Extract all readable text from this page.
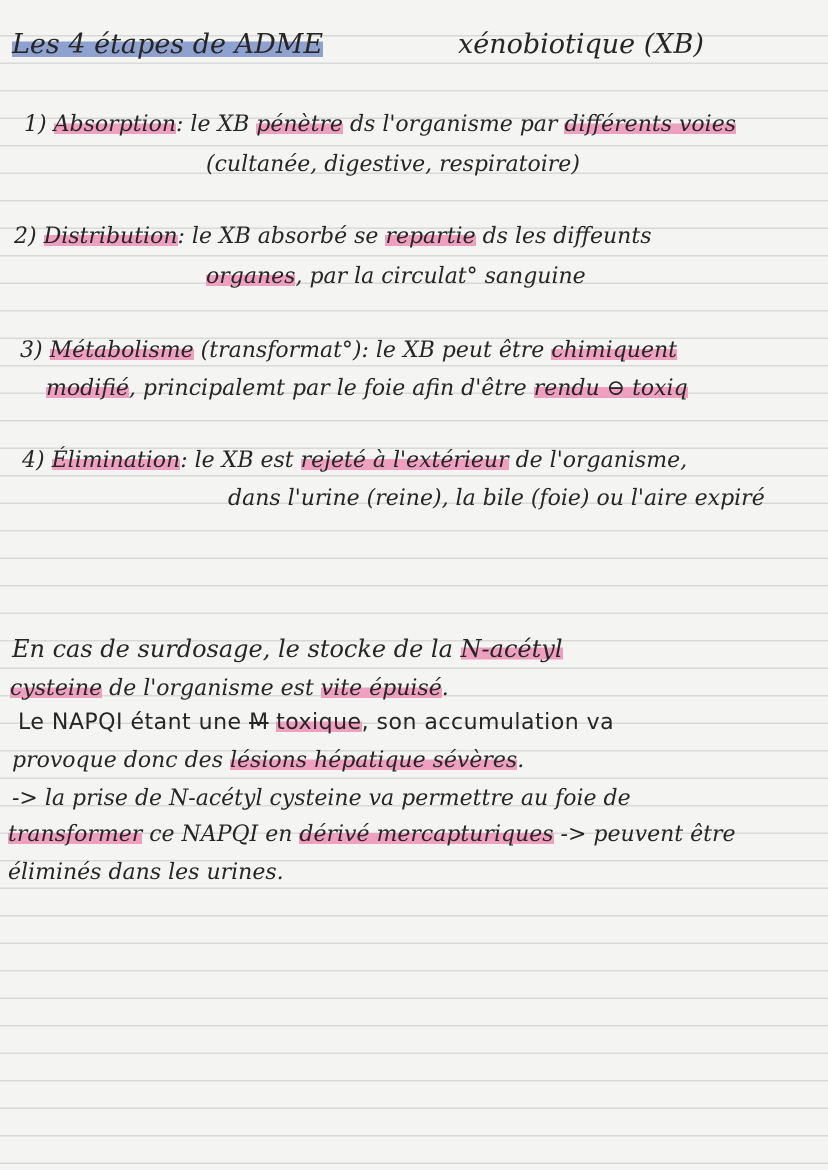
Les 4 étapes de ADME	xénobiotique (XB)
1) Absorption: le XB pénètre ds l'organisme par différents voies
(cultanée, digestive, respiratoire)
2) Distribution: le XB absorbé se repartie ds les diffeunts
organes, par la circulat° sanguine
3) Métabolisme (transformat°): le XB peut être chimiquent
modifié, principalemt par le foie afin d'être rendu ⊖ toxiq
4) Élimination: le XB est rejeté à l'extérieur de l'organisme,
dans l'urine (reine), la bile (foie) ou l'aire expiré
En cas de surdosage, le stocke de la N-acétyl
cysteine de l'organisme est vite épuisé.
Le NAPQI étant une M toxique, son accumulation va
provoque donc des lésions hépatique sévères.
-> la prise de N-acétyl cysteine va permettre au foie de
transformer ce NAPQI en dérivé mercapturiques -> peuvent être
éliminés dans les urines.
